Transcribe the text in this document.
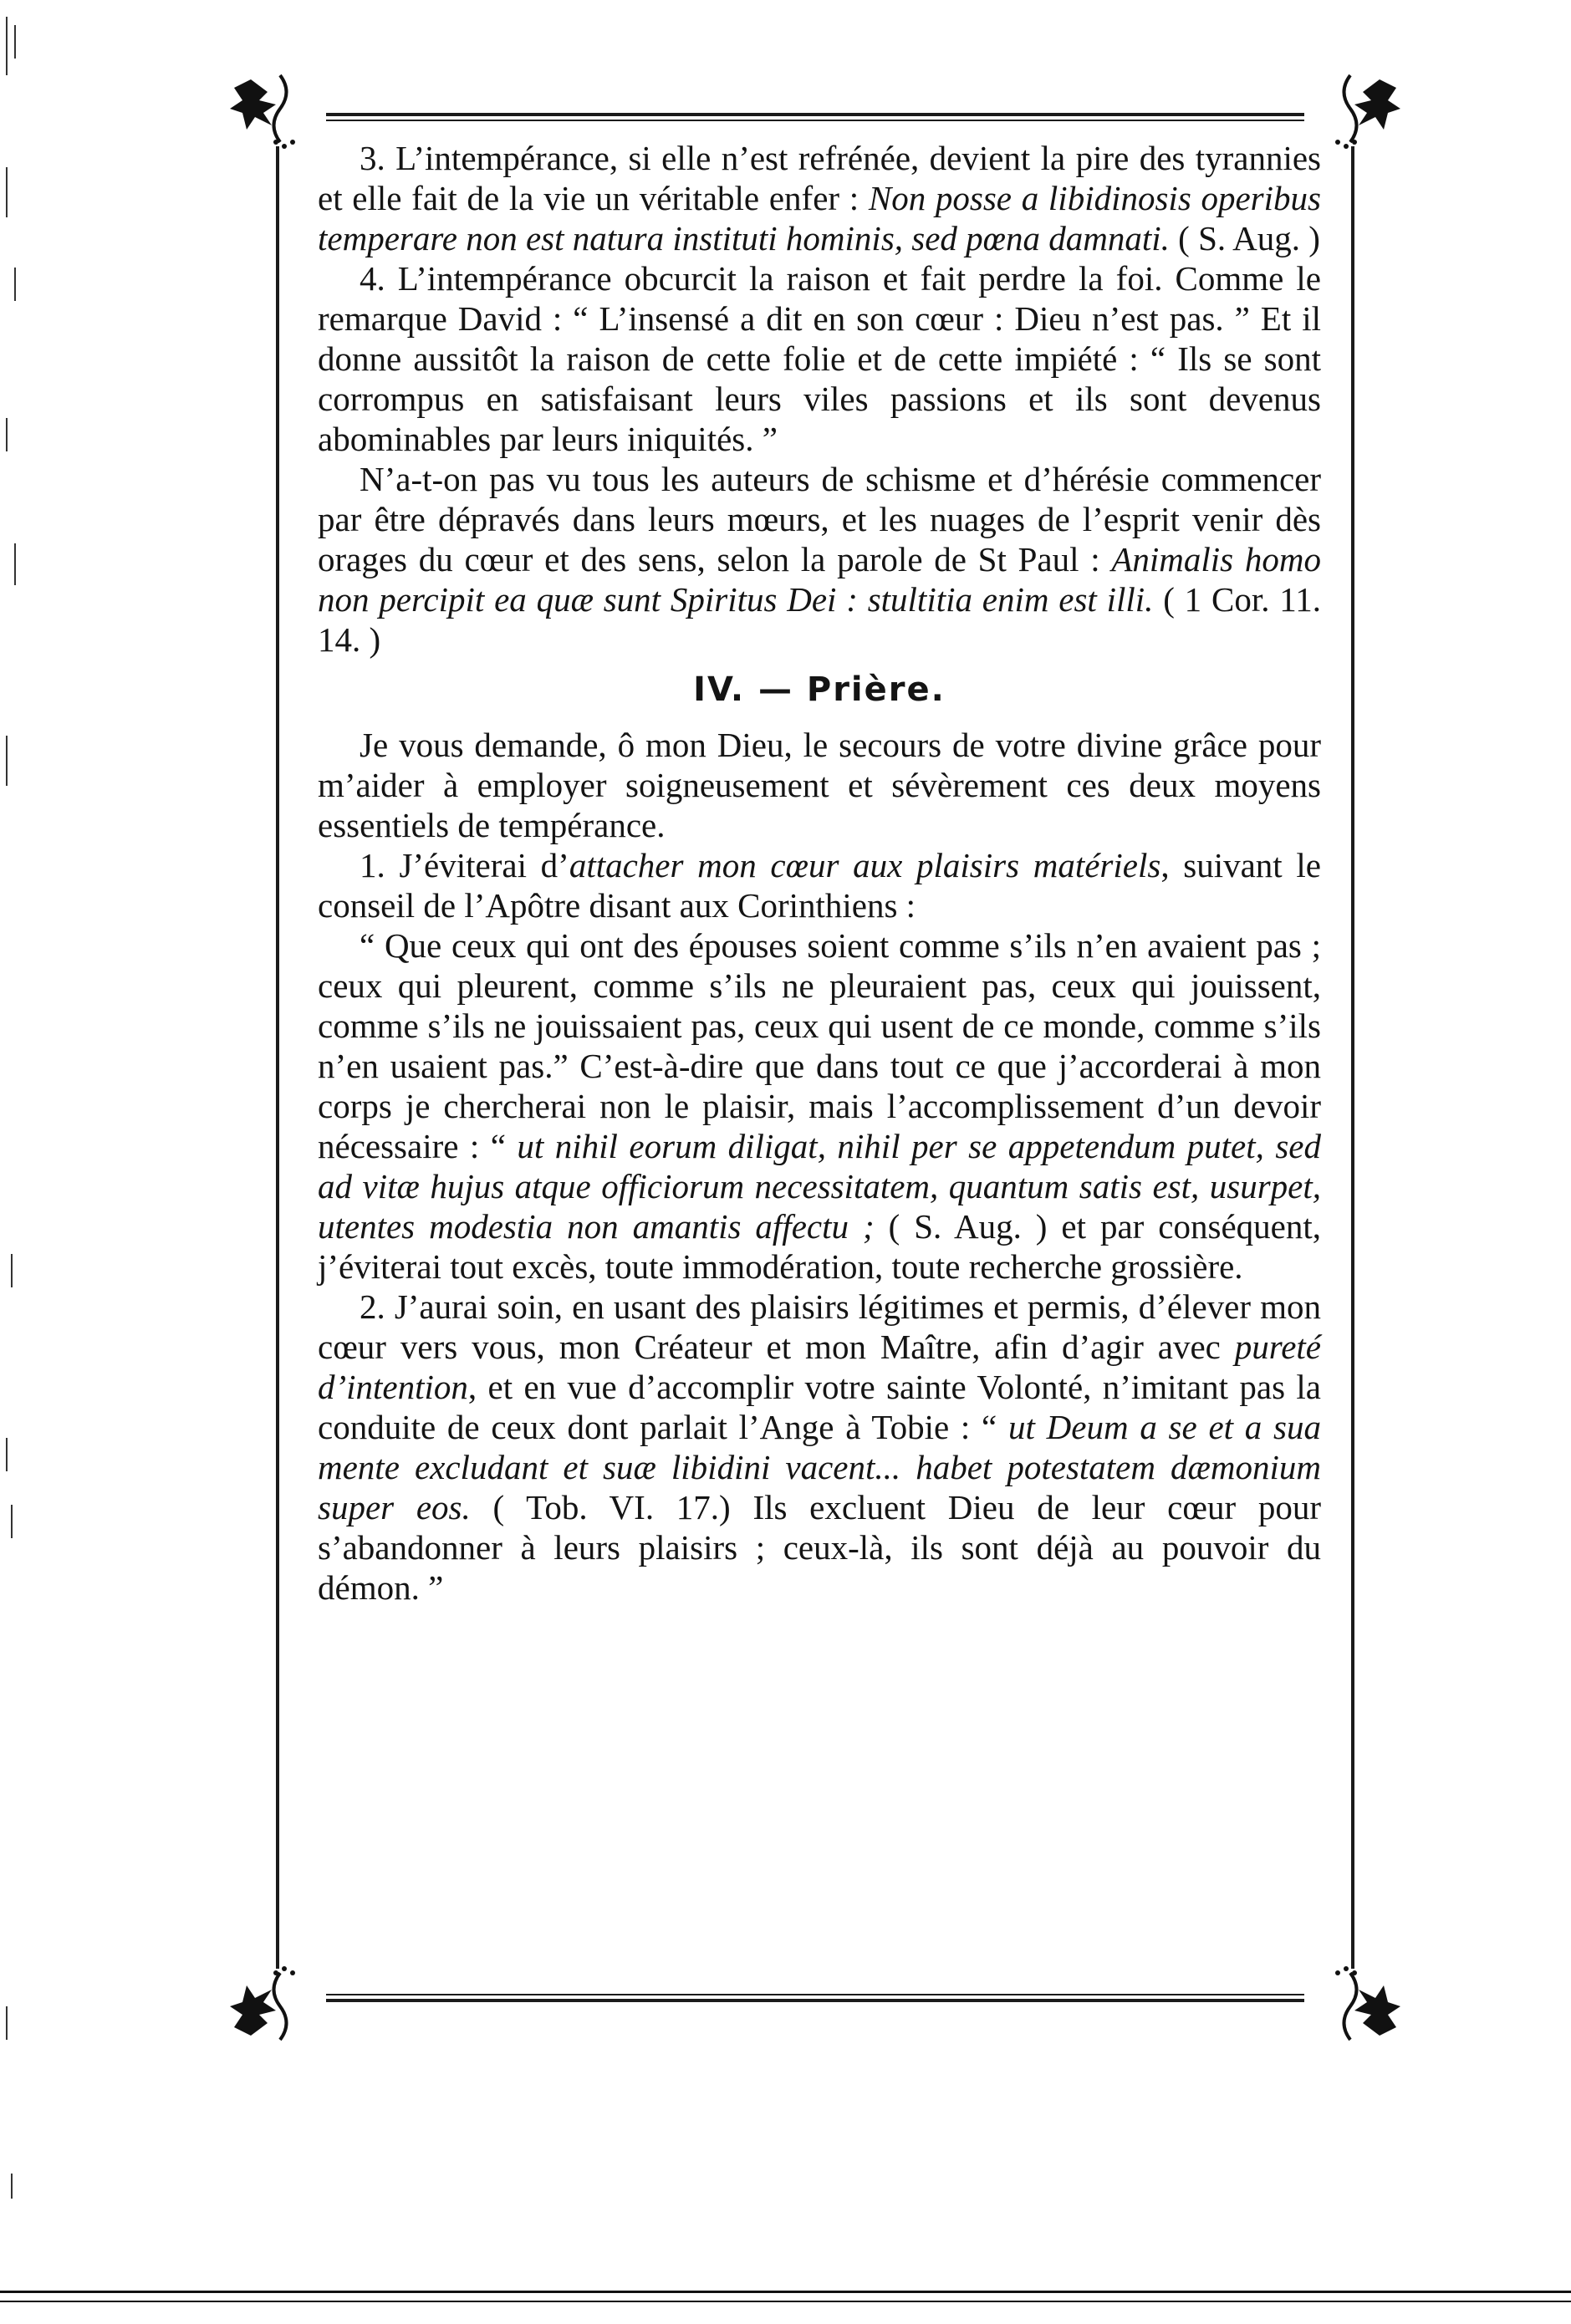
3. L’intempérance, si elle n’est refrénée, devient la pire des tyrannies et elle fait de la vie un véritable enfer : Non posse a libidinosis operibus temperare non est natura instituti hominis, sed pœna damnati. ( S. Aug. )

4. L’intempérance obcurcit la raison et fait perdre la foi. Comme le remarque David : “ L’insensé a dit en son cœur : Dieu n’est pas. ” Et il donne aussitôt la raison de cette folie et de cette impiété : “ Ils se sont corrompus en satisfaisant leurs viles passions et ils sont devenus abominables par leurs iniquités. ”

N’a-t-on pas vu tous les auteurs de schisme et d’hérésie commencer par être dépravés dans leurs mœurs, et les nuages de l’esprit venir dès orages du cœur et des sens, selon la parole de St Paul : Animalis homo non percipit ea quæ sunt Spiritus Dei : stultitia enim est illi. ( 1 Cor. 11. 14. )

IV. — Prière.

Je vous demande, ô mon Dieu, le secours de votre divine grâce pour m’aider à employer soigneusement et sévèrement ces deux moyens essentiels de tempérance.

1. J’éviterai d’attacher mon cœur aux plaisirs matériels, suivant le conseil de l’Apôtre disant aux Corinthiens :

“ Que ceux qui ont des épouses soient comme s’ils n’en avaient pas ; ceux qui pleurent, comme s’ils ne pleuraient pas, ceux qui jouissent, comme s’ils ne jouissaient pas, ceux qui usent de ce monde, comme s’ils n’en usaient pas.” C’est-à-dire que dans tout ce que j’accorderai à mon corps je chercherai non le plaisir, mais l’accomplissement d’un devoir nécessaire : “ ut nihil eorum diligat, nihil per se appetendum putet, sed ad vitæ hujus atque officiorum necessitatem, quantum satis est, usurpet, utentes modestia non amantis affectu ; ( S. Aug. ) et par conséquent, j’éviterai tout excès, toute immodération, toute recherche grossière.

2. J’aurai soin, en usant des plaisirs légitimes et permis, d’élever mon cœur vers vous, mon Créateur et mon Maître, afin d’agir avec pureté d’intention, et en vue d’accomplir votre sainte Volonté, n’imitant pas la conduite de ceux dont parlait l’Ange à Tobie : “ ut Deum a se et a sua mente excludant et suæ libidini vacent... habet potestatem dæmonium super eos. ( Tob. VI. 17.) Ils excluent Dieu de leur cœur pour s’abandonner à leurs plaisirs ; ceux-là, ils sont déjà au pouvoir du démon. ”
